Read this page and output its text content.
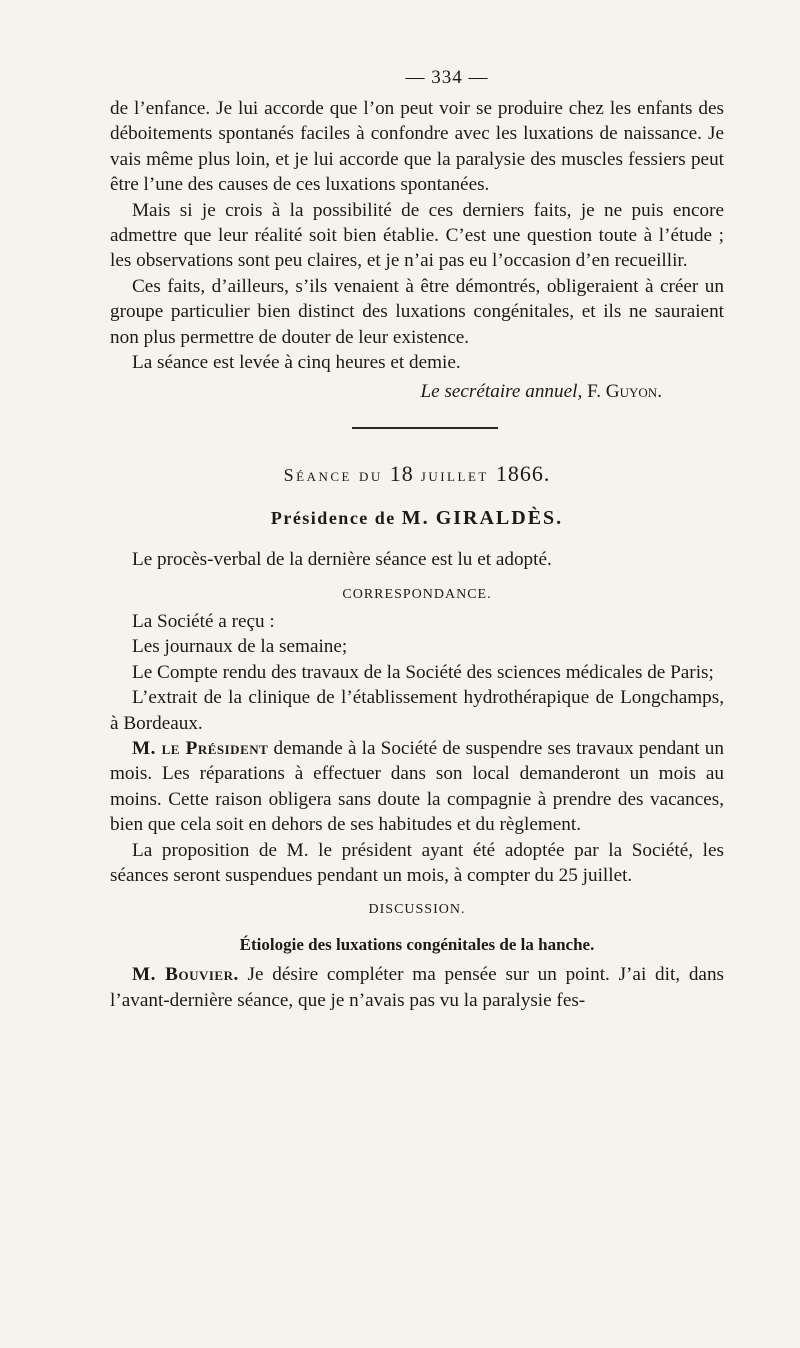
— 334 —

de l’enfance. Je lui accorde que l’on peut voir se produire chez les enfants des déboitements spontanés faciles à confondre avec les luxations de naissance. Je vais même plus loin, et je lui accorde que la paralysie des muscles fessiers peut être l’une des causes de ces luxations spontanées.

Mais si je crois à la possibilité de ces derniers faits, je ne puis encore admettre que leur réalité soit bien établie. C’est une question toute à l’étude ; les observations sont peu claires, et je n’ai pas eu l’occasion d’en recueillir.

Ces faits, d’ailleurs, s’ils venaient à être démontrés, obligeraient à créer un groupe particulier bien distinct des luxations congénitales, et ils ne sauraient non plus permettre de douter de leur existence.

La séance est levée à cinq heures et demie.

Le secrétaire annuel, F. Guyon.

Séance du 18 juillet 1866.
Présidence de M. GIRALDÈS.

Le procès-verbal de la dernière séance est lu et adopté.

CORRESPONDANCE.

La Société a reçu :

Les journaux de la semaine;

Le Compte rendu des travaux de la Société des sciences médicales de Paris;

L’extrait de la clinique de l’établissement hydrothérapique de Longchamps, à Bordeaux.

M. le Président demande à la Société de suspendre ses travaux pendant un mois. Les réparations à effectuer dans son local demanderont un mois au moins. Cette raison obligera sans doute la compagnie à prendre des vacances, bien que cela soit en dehors de ses habitudes et du règlement.

La proposition de M. le président ayant été adoptée par la Société, les séances seront suspendues pendant un mois, à compter du 25 juillet.

DISCUSSION.
Étiologie des luxations congénitales de la hanche.

M. Bouvier. Je désire compléter ma pensée sur un point. J’ai dit, dans l’avant-dernière séance, que je n’avais pas vu la paralysie fes-
